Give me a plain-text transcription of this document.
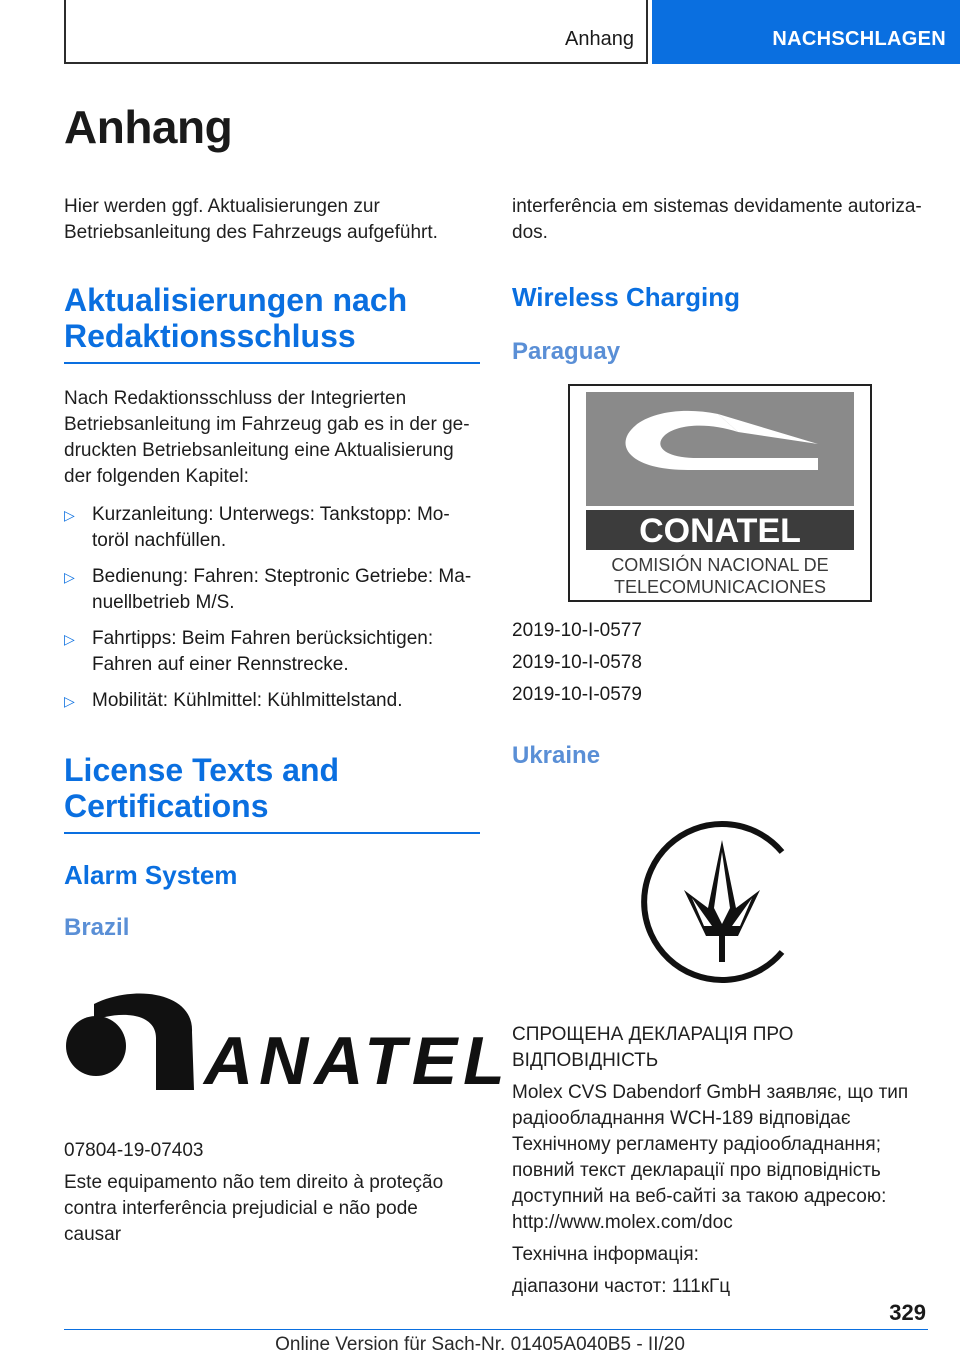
Anhang	NACHSCHLAGEN
Anhang

Hier werden ggf. Aktualisierungen zur Betriebsanleitung des Fahrzeugs aufgeführt.

Aktualisierungen nach Redaktionsschluss

Nach Redaktionsschluss der Integrierten Betriebsanleitung im Fahrzeug gab es in der gedruckten Betriebsanleitung eine Aktualisierung der folgenden Kapitel:

▷ Kurzanleitung: Unterwegs: Tankstopp: Motoröl nachfüllen.
▷ Bedienung: Fahren: Steptronic Getriebe: Manuellbetrieb M/S.
▷ Fahrtipps: Beim Fahren berücksichtigen: Fahren auf einer Rennstrecke.
▷ Mobilität: Kühlmittel: Kühlmittelstand.
License Texts and Certifications
Alarm System
Brazil
ANATEL

07804-19-07403

Este equipamento não tem direito à proteção contra interferência prejudicial e não pode causar

interferência em sistemas devidamente autorizados.

Wireless Charging
Paraguay
CONATEL
COMISIÓN NACIONAL DE
TELECOMUNICACIONES
2019-10-I-0577
2019-10-I-0578
2019-10-I-0579
Ukraine

СПРОЩЕНА ДЕКЛАРАЦІЯ ПРО ВІДПОВІДНІСТЬ

Molex CVS Dabendorf GmbH заявляє, що тип радіообладнання WCH-189 відповідає Технічному регламенту радіообладнання; повний текст декларації про відповідність доступний на веб-сайті за такою адресою: http://www.molex.com/doc

Технічна інформація:

діапазони частот: 111кГц

329
Online Version für Sach-Nr. 01405A040B5 - II/20
